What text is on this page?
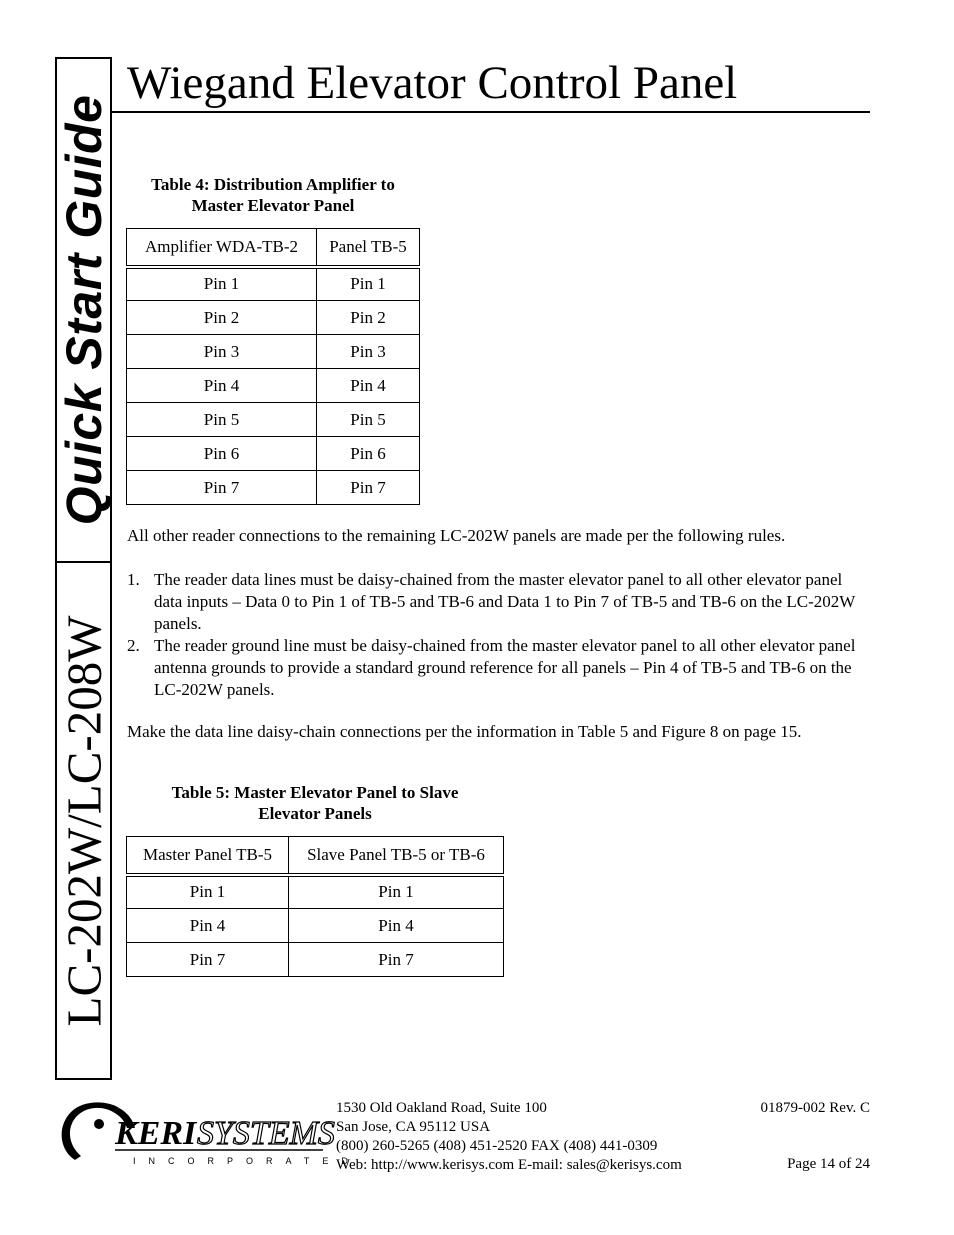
Quick Start Guide
LC-202W/LC-208W
Wiegand Elevator Control Panel
Table 4: Distribution Amplifier to
Master Elevator Panel
Amplifier WDA-TB-2	Panel TB-5
Pin 1	Pin 1
Pin 2	Pin 2
Pin 3	Pin 3
Pin 4	Pin 4
Pin 5	Pin 5
Pin 6	Pin 6
Pin 7	Pin 7
All other reader connections to the remaining LC-202W panels are made per the following rules.
1. The reader data lines must be daisy-chained from the master elevator panel to all other elevator panel data inputs – Data 0 to Pin 1 of TB-5 and TB-6 and Data 1 to Pin 7 of TB-5 and TB-6 on the LC-202W panels.
2. The reader ground line must be daisy-chained from the master elevator panel to all other elevator panel antenna grounds to provide a standard ground reference for all panels – Pin 4 of TB-5 and TB-6 on the LC-202W panels.
Make the data line daisy-chain connections per the information in Table 5 and Figure 8 on page 15.
Table 5: Master Elevator Panel to Slave
Elevator Panels
Master Panel TB-5	Slave Panel TB-5 or TB-6
Pin 1	Pin 1
Pin 4	Pin 4
Pin 7	Pin 7
KERI SYSTEMS
INCORPORATED
1530 Old Oakland Road, Suite 100
San Jose, CA 95112 USA
(800) 260-5265 (408) 451-2520 FAX (408) 441-0309
Web: http://www.kerisys.com E-mail: sales@kerisys.com
01879-002 Rev. C
Page 14 of 24
